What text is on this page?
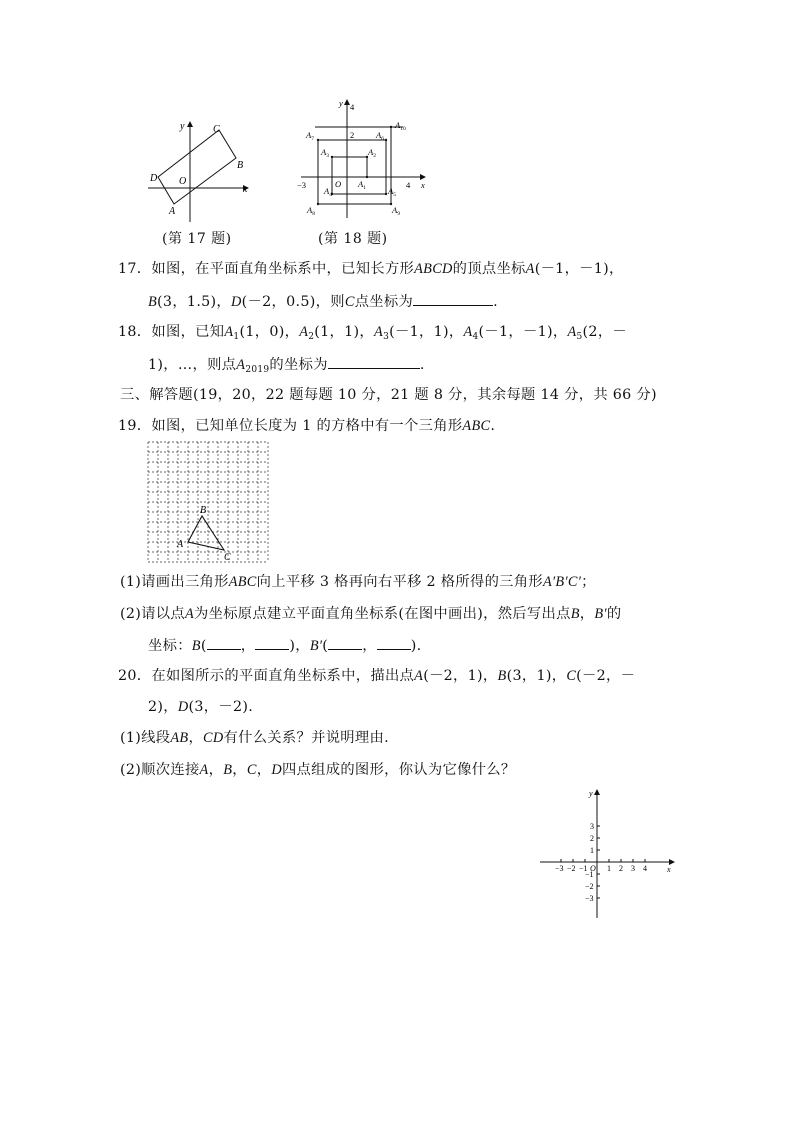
x
y
O
A
B
C
D
(第 17 题)
y 4
2
−3	4 x
O $A_1$
$A_2$
$A_3$
$A_4$	$A_5$
$A_6$
$A_7$
$A_8$	$A_9$
$A_{10}$
(第 18 题)
17．如图，在平面直角坐标系中，已知长方形ABCD的顶点坐标A(－1，－1)，
B(3，1.5)，D(－2，0.5)，则C点坐标为	.
18．如图，已知$A_1(1$，0)，$A_2(1$，1)，$A_3(-1$，1)，$A_4(-1$，－1)，$A_5(2$，－
1)，…，则点$A_{2019}$的坐标为	.
三、解答题(19，20，22 题每题 10 分，21 题 8 分，其余每题 14 分，共 66 分)
19．如图，已知单位长度为 1 的方格中有一个三角形ABC.
A
B
C
(1)请画出三角形ABC向上平移 3 格再向右平移 2 格所得的三角形A′B′C′；
(2)请以点A为坐标原点建立平面直角坐标系(在图中画出)，然后写出点B，B′的
坐标：B( ， )，B′( ， ).
20．在如图所示的平面直角坐标系中，描出点A(－2，1)，B(3，1)，C(－2，－
2)，D(3，－2).
(1)线段AB，CD有什么关系？并说明理由.
(2)顺次连接A，B，C，D四点组成的图形，你认为它像什么？
−3 −2 −1 1 2 3 4	x
y
O
3
2
1
−1
−2
−3
